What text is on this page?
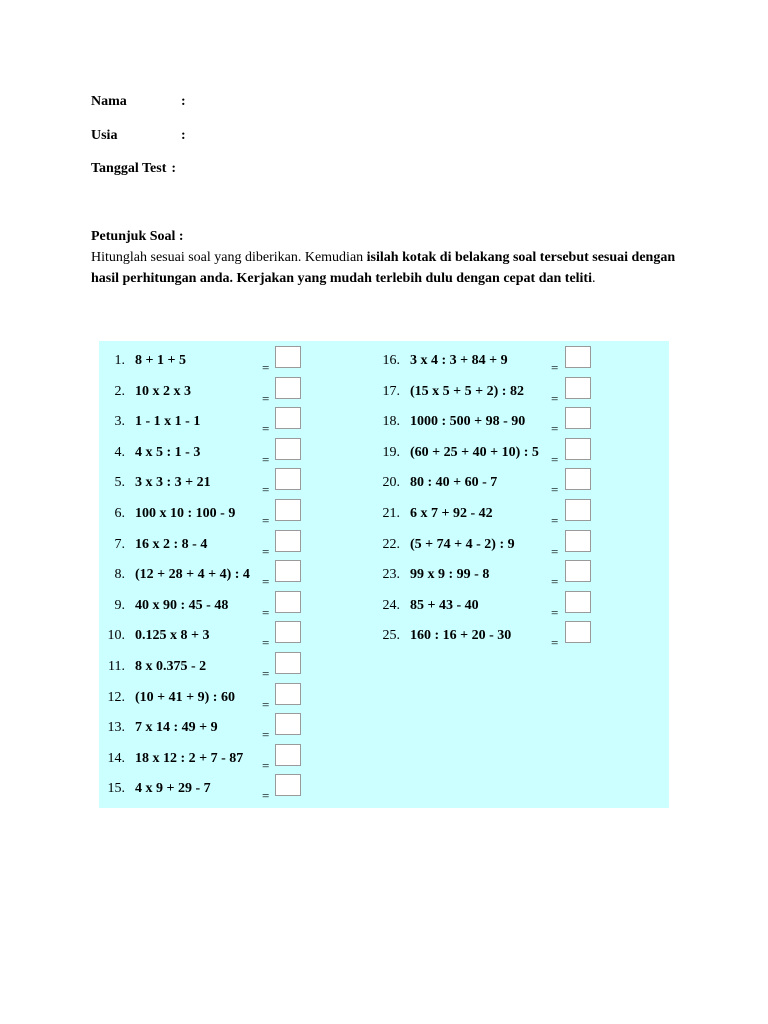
Nama	:
Usia	:
Tanggal Test :
Petunjuk Soal :
Hitunglah sesuai soal yang diberikan. Kemudian isilah kotak di belakang soal tersebut sesuai dengan hasil perhitungan anda. Kerjakan yang mudah terlebih dulu dengan cepat dan teliti.
1. 8 + 1 + 5	=
2. 10 x 2 x 3	=
3. 1 - 1 x 1 - 1	=
4. 4 x 5 : 1 - 3	=
5. 3 x 3 : 3 + 21	=
6. 100 x 10 : 100 - 9 =
7. 16 x 2 : 8 - 4	=
8. (12 + 28 + 4 + 4) : 4 =
9. 40 x 90 : 45 - 48	=
10. 0.125 x 8 + 3	=
11. 8 x 0.375 - 2	=
12. (10 + 41 + 9) : 60 =
13. 7 x 14 : 49 + 9	=
14. 18 x 12 : 2 + 7 - 87 =
15. 4 x 9 + 29 - 7	=
16. 3 x 4 : 3 + 84 + 9	=
17. (15 x 5 + 5 + 2) : 82 =
18. 1000 : 500 + 98 - 90 =
19. (60 + 25 + 40 + 10) : 5 =
20. 80 : 40 + 60 - 7	=
21. 6 x 7 + 92 - 42	=
22. (5 + 74 + 4 - 2) : 9	=
23. 99 x 9 : 99 - 8	=
24. 85 + 43 - 40	=
25. 160 : 16 + 20 - 30	=
